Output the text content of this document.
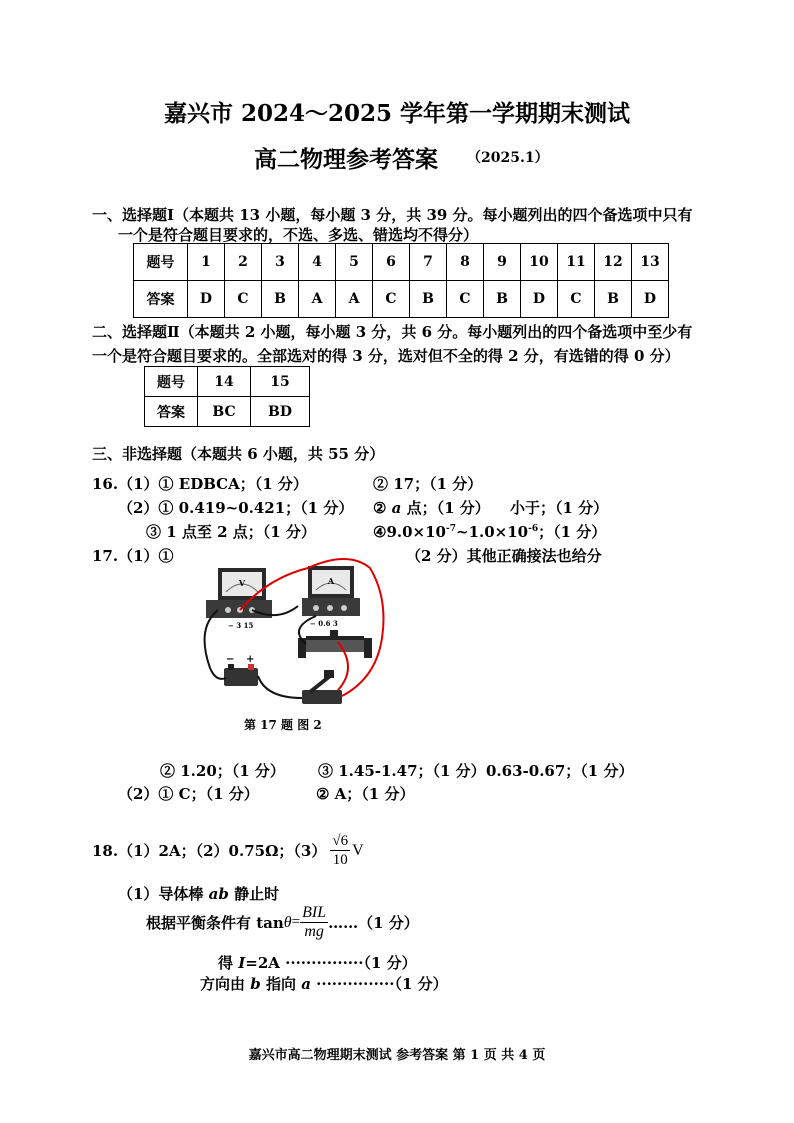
嘉兴市 2024～2025 学年第一学期期末测试
高二物理参考答案 （2025.1）
一、选择题Ⅰ（本题共 13 小题，每小题 3 分，共 39 分。每小题列出的四个备选项中只有
一个是符合题目要求的，不选、多选、错选均不得分）
题号	1	2	3	4	5	6	7	8	9	10	11	12	13
答案	D	C	B	A	A	C	B	C	B	D	C	B	D
二、选择题Ⅱ（本题共 2 小题，每小题 3 分，共 6 分。每小题列出的四个备选项中至少有
一个是符合题目要求的。全部选对的得 3 分，选对但不全的得 2 分，有选错的得 0 分）
题号	14	15
答案	BC	BD
三、非选择题（本题共 6 小题，共 55 分）
16.（1）① EDBCA；（1 分）	② 17；（1 分）
（2）① 0.419~0.421；（1 分） ② a 点；（1 分） 小于；（1 分）
③ 1 点至 2 点；（1 分）	$④9.0\times 10^{-7}\sim 1.0\times 10^{-6}$；（1 分）
17.（1）①	（2 分）其他正确接法也给分
V
− 3 15
A
− 0.6 3
− +
第 17 题 图 2
② 1.20；（1 分） ③ 1.45-1.47；（1 分） 0.63-0.67；（1 分）
（2）① C；（1 分）	② A；（1 分）
18.（1）2A；（2）0.75Ω；$(3) \frac{√6}{10}$ V
（1）导体棒 ab 静止时
根据平衡条件有 $\tan \theta = \frac{\text{BIL}}{mg}$ ……（1 分）
得 I=2A ···············（1 分）
方向由 b 指向 a ···············（1 分）
嘉兴市高二物理期末测试 参考答案 第 1 页 共 4 页
